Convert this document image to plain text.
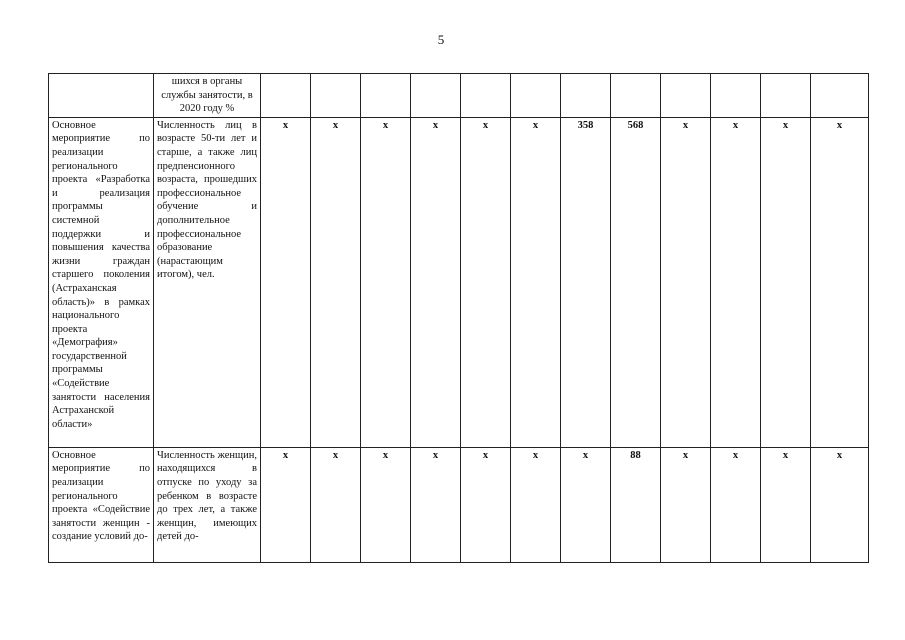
5
	шихся в органы службы занятости, в 2020 году %												
Основное мероприятие по реализации регионального проекта «Разработка и реализация программы системной поддержки и повышения качества жизни граждан старшего поколения (Астраханская область)» в рамках национального проекта «Демография» государственной программы «Содействие занятости населения Астраханской области»	Численность лиц в возрасте 50-ти лет и старше, а также лиц предпенсионного возраста, прошедших профессиональное обучение и дополнительное профессиональное образование (нарастающим итогом), чел.	x	x	x	x	x	x	358	568	x	x	x	x
Основное мероприятие по реализации регионального проекта «Содействие занятости женщин - создание условий до-	Численность женщин, находящихся в отпуске по уходу за ребенком в возрасте до трех лет, а также женщин, имеющих детей до-	x	x	x	x	x	x	x	88	x	x	x	x
